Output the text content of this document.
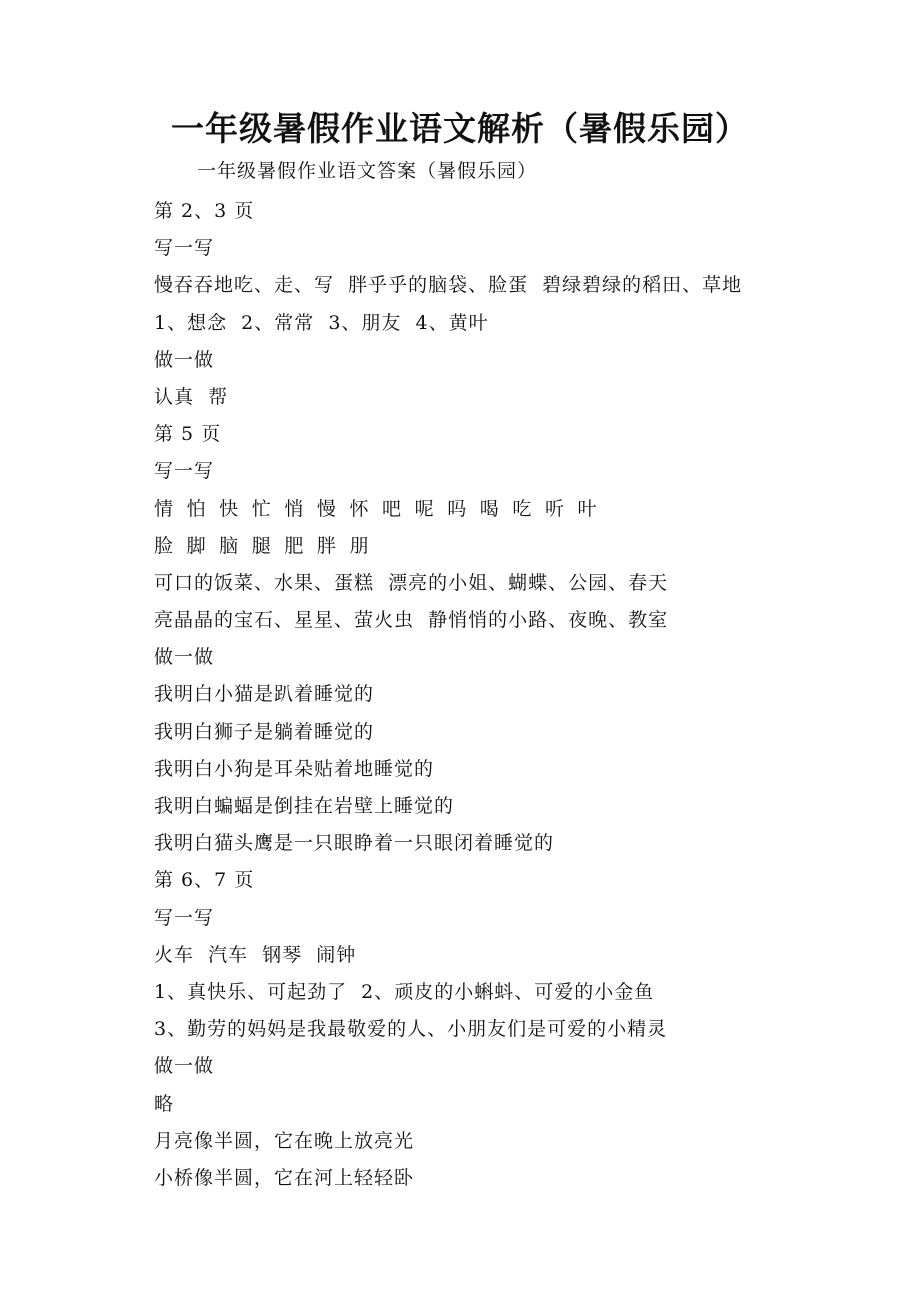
一年级暑假作业语文解析（暑假乐园）
一年级暑假作业语文答案（暑假乐园）
第 2、3 页
写一写
慢吞吞地吃、走、写  胖乎乎的脑袋、脸蛋  碧绿碧绿的稻田、草地
1、想念  2、常常  3、朋友  4、黄叶
做一做
认真  帮
第 5 页
写一写
情  怕  快  忙  悄  慢  怀  吧  呢  吗  喝  吃  听  叶
脸  脚  脑  腿  肥  胖  朋
可口的饭菜、水果、蛋糕  漂亮的小姐、蝴蝶、公园、春天
亮晶晶的宝石、星星、萤火虫  静悄悄的小路、夜晚、教室
做一做
我明白小猫是趴着睡觉的
我明白狮子是躺着睡觉的
我明白小狗是耳朵贴着地睡觉的
我明白蝙蝠是倒挂在岩壁上睡觉的
我明白猫头鹰是一只眼睁着一只眼闭着睡觉的
第 6、7 页
写一写
火车  汽车  钢琴  闹钟
1、真快乐、可起劲了  2、顽皮的小蝌蚪、可爱的小金鱼
3、勤劳的妈妈是我最敬爱的人、小朋友们是可爱的小精灵
做一做
略
月亮像半圆，它在晚上放亮光
小桥像半圆，它在河上轻轻卧
